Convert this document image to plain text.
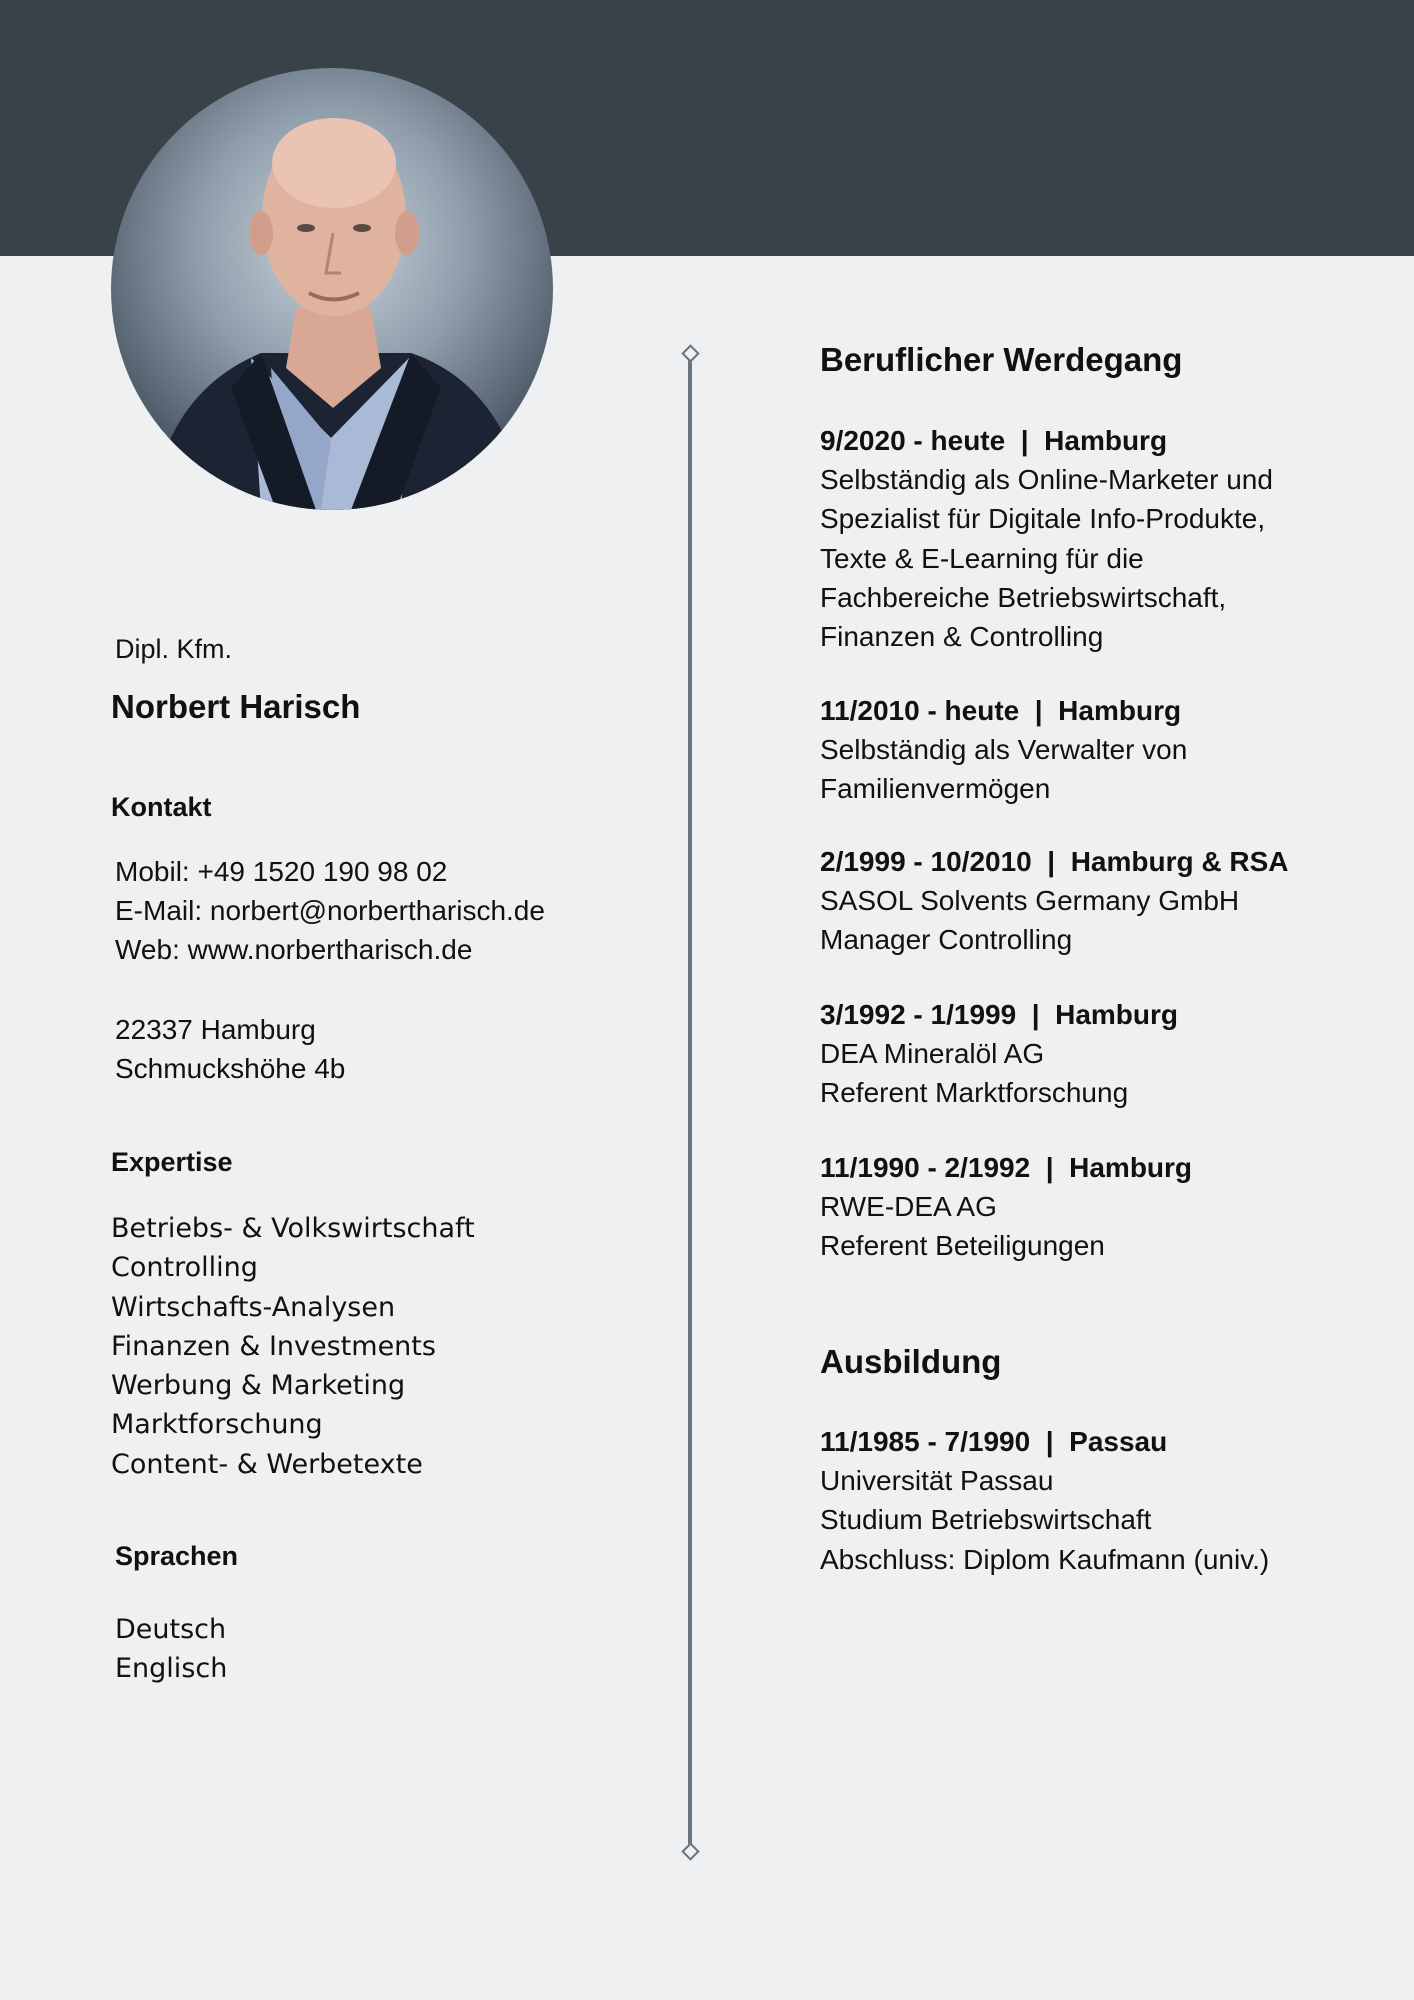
Dipl. Kfm.
Norbert Harisch
Kontakt
Mobil: +49 1520 190 98 02
E-Mail: norbert@norbertharisch.de
Web: www.norbertharisch.de
22337 Hamburg
Schmuckshöhe 4b
Expertise
Betriebs- & Volkswirtschaft
Controlling
Wirtschafts-Analysen
Finanzen & Investments
Werbung & Marketing
Marktforschung
Content- & Werbetexte
Sprachen
Deutsch
Englisch
Beruflicher Werdegang
9/2020 - heute  |  Hamburg
Selbständig als Online-Marketer und
Spezialist für Digitale Info-Produkte,
Texte & E-Learning für die
Fachbereiche Betriebswirtschaft,
Finanzen & Controlling
11/2010 - heute  |  Hamburg
Selbständig als Verwalter von
Familienvermögen
2/1999 - 10/2010  |  Hamburg & RSA
SASOL Solvents Germany GmbH
Manager Controlling
3/1992 - 1/1999  |  Hamburg
DEA Mineralöl AG
Referent Marktforschung
11/1990 - 2/1992  |  Hamburg
RWE-DEA AG
Referent Beteiligungen
Ausbildung
11/1985 - 7/1990  |  Passau
Universität Passau
Studium Betriebswirtschaft
Abschluss: Diplom Kaufmann (univ.)
